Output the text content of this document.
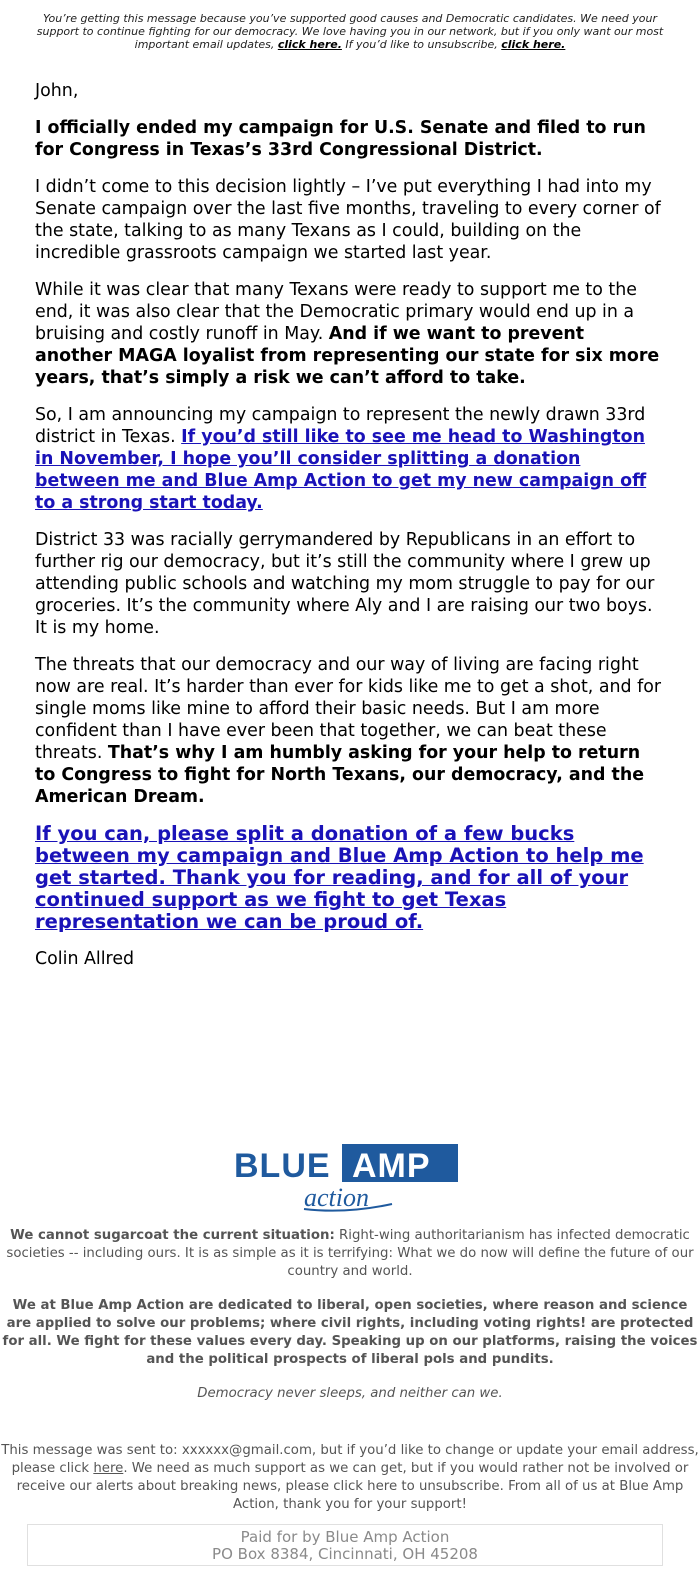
You’re getting this message because you’ve supported good causes and Democratic candidates. We need your support to continue fighting for our democracy. We love having you in our network, but if you only want our most important email updates, click here. If you’d like to unsubscribe, click here.

John,

I officially ended my campaign for U.S. Senate and filed to run for Congress in Texas’s 33rd Congressional District.

I didn’t come to this decision lightly – I’ve put everything I had into my Senate campaign over the last five months, traveling to every corner of the state, talking to as many Texans as I could, building on the incredible grassroots campaign we started last year.

While it was clear that many Texans were ready to support me to the end, it was also clear that the Democratic primary would end up in a bruising and costly runoff in May. And if we want to prevent another MAGA loyalist from representing our state for six more years, that’s simply a risk we can’t afford to take.

So, I am announcing my campaign to represent the newly drawn 33rd district in Texas. If you’d still like to see me head to Washington in November, I hope you’ll consider splitting a donation between me and Blue Amp Action to get my new campaign off to a strong start today.

District 33 was racially gerrymandered by Republicans in an effort to further rig our democracy, but it’s still the community where I grew up attending public schools and watching my mom struggle to pay for our groceries. It’s the community where Aly and I are raising our two boys. It is my home.

The threats that our democracy and our way of living are facing right now are real. It’s harder than ever for kids like me to get a shot, and for single moms like mine to afford their basic needs. But I am more confident than I have ever been that together, we can beat these threats. That’s why I am humbly asking for your help to return to Congress to fight for North Texans, our democracy, and the American Dream.

If you can, please split a donation of a few bucks between my campaign and Blue Amp Action to help me get started. Thank you for reading, and for all of your continued support as we fight to get Texas representation we can be proud of.

Colin Allred

BLUE AMP
action
We cannot sugarcoat the current situation: Right-wing authoritarianism has infected democratic societies -- including ours. It is as simple as it is terrifying: What we do now will define the future of our country and world.
We at Blue Amp Action are dedicated to liberal, open societies, where reason and science are applied to solve our problems; where civil rights, including voting rights! are protected for all. We fight for these values every day. Speaking up on our platforms, raising the voices and the political prospects of liberal pols and pundits.
Democracy never sleeps, and neither can we.
This message was sent to: xxxxxx@gmail.com, but if you’d like to change or update your email address, please click here. We need as much support as we can get, but if you would rather not be involved or receive our alerts about breaking news, please click here to unsubscribe. From all of us at Blue Amp Action, thank you for your support!
Paid for by Blue Amp Action
PO Box 8384, Cincinnati, OH 45208
